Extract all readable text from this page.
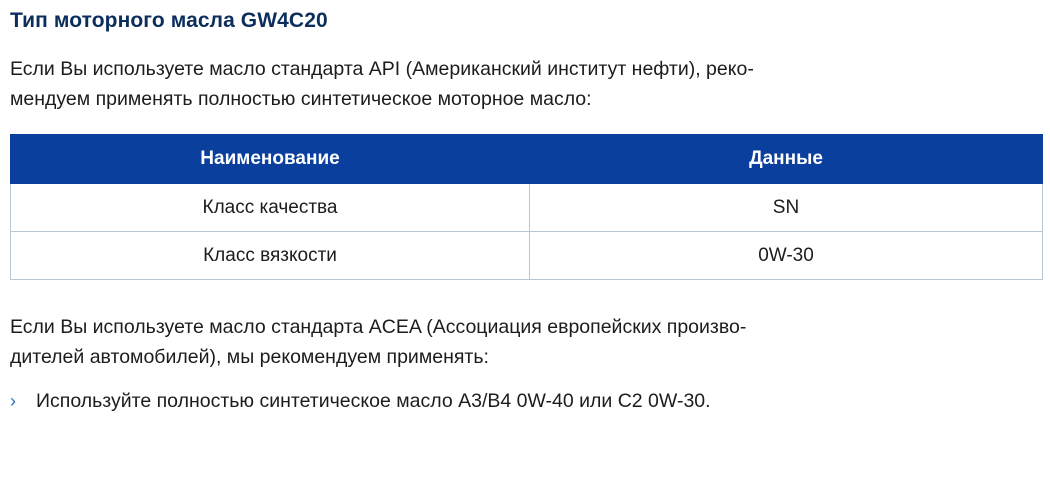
Тип моторного масла GW4C20
Если Вы используете масло стандарта API (Американский институт нефти), реко-
мендуем применять полностью синтетическое моторное масло:
Наименование	Данные
Класс качества	SN
Класс вязкости	0W-30
Если Вы используете масло стандарта ACEA (Ассоциация европейских произво-
дителей автомобилей), мы рекомендуем применять:
›	Используйте полностью синтетическое масло A3/B4 0W-40 или C2 0W-30.
